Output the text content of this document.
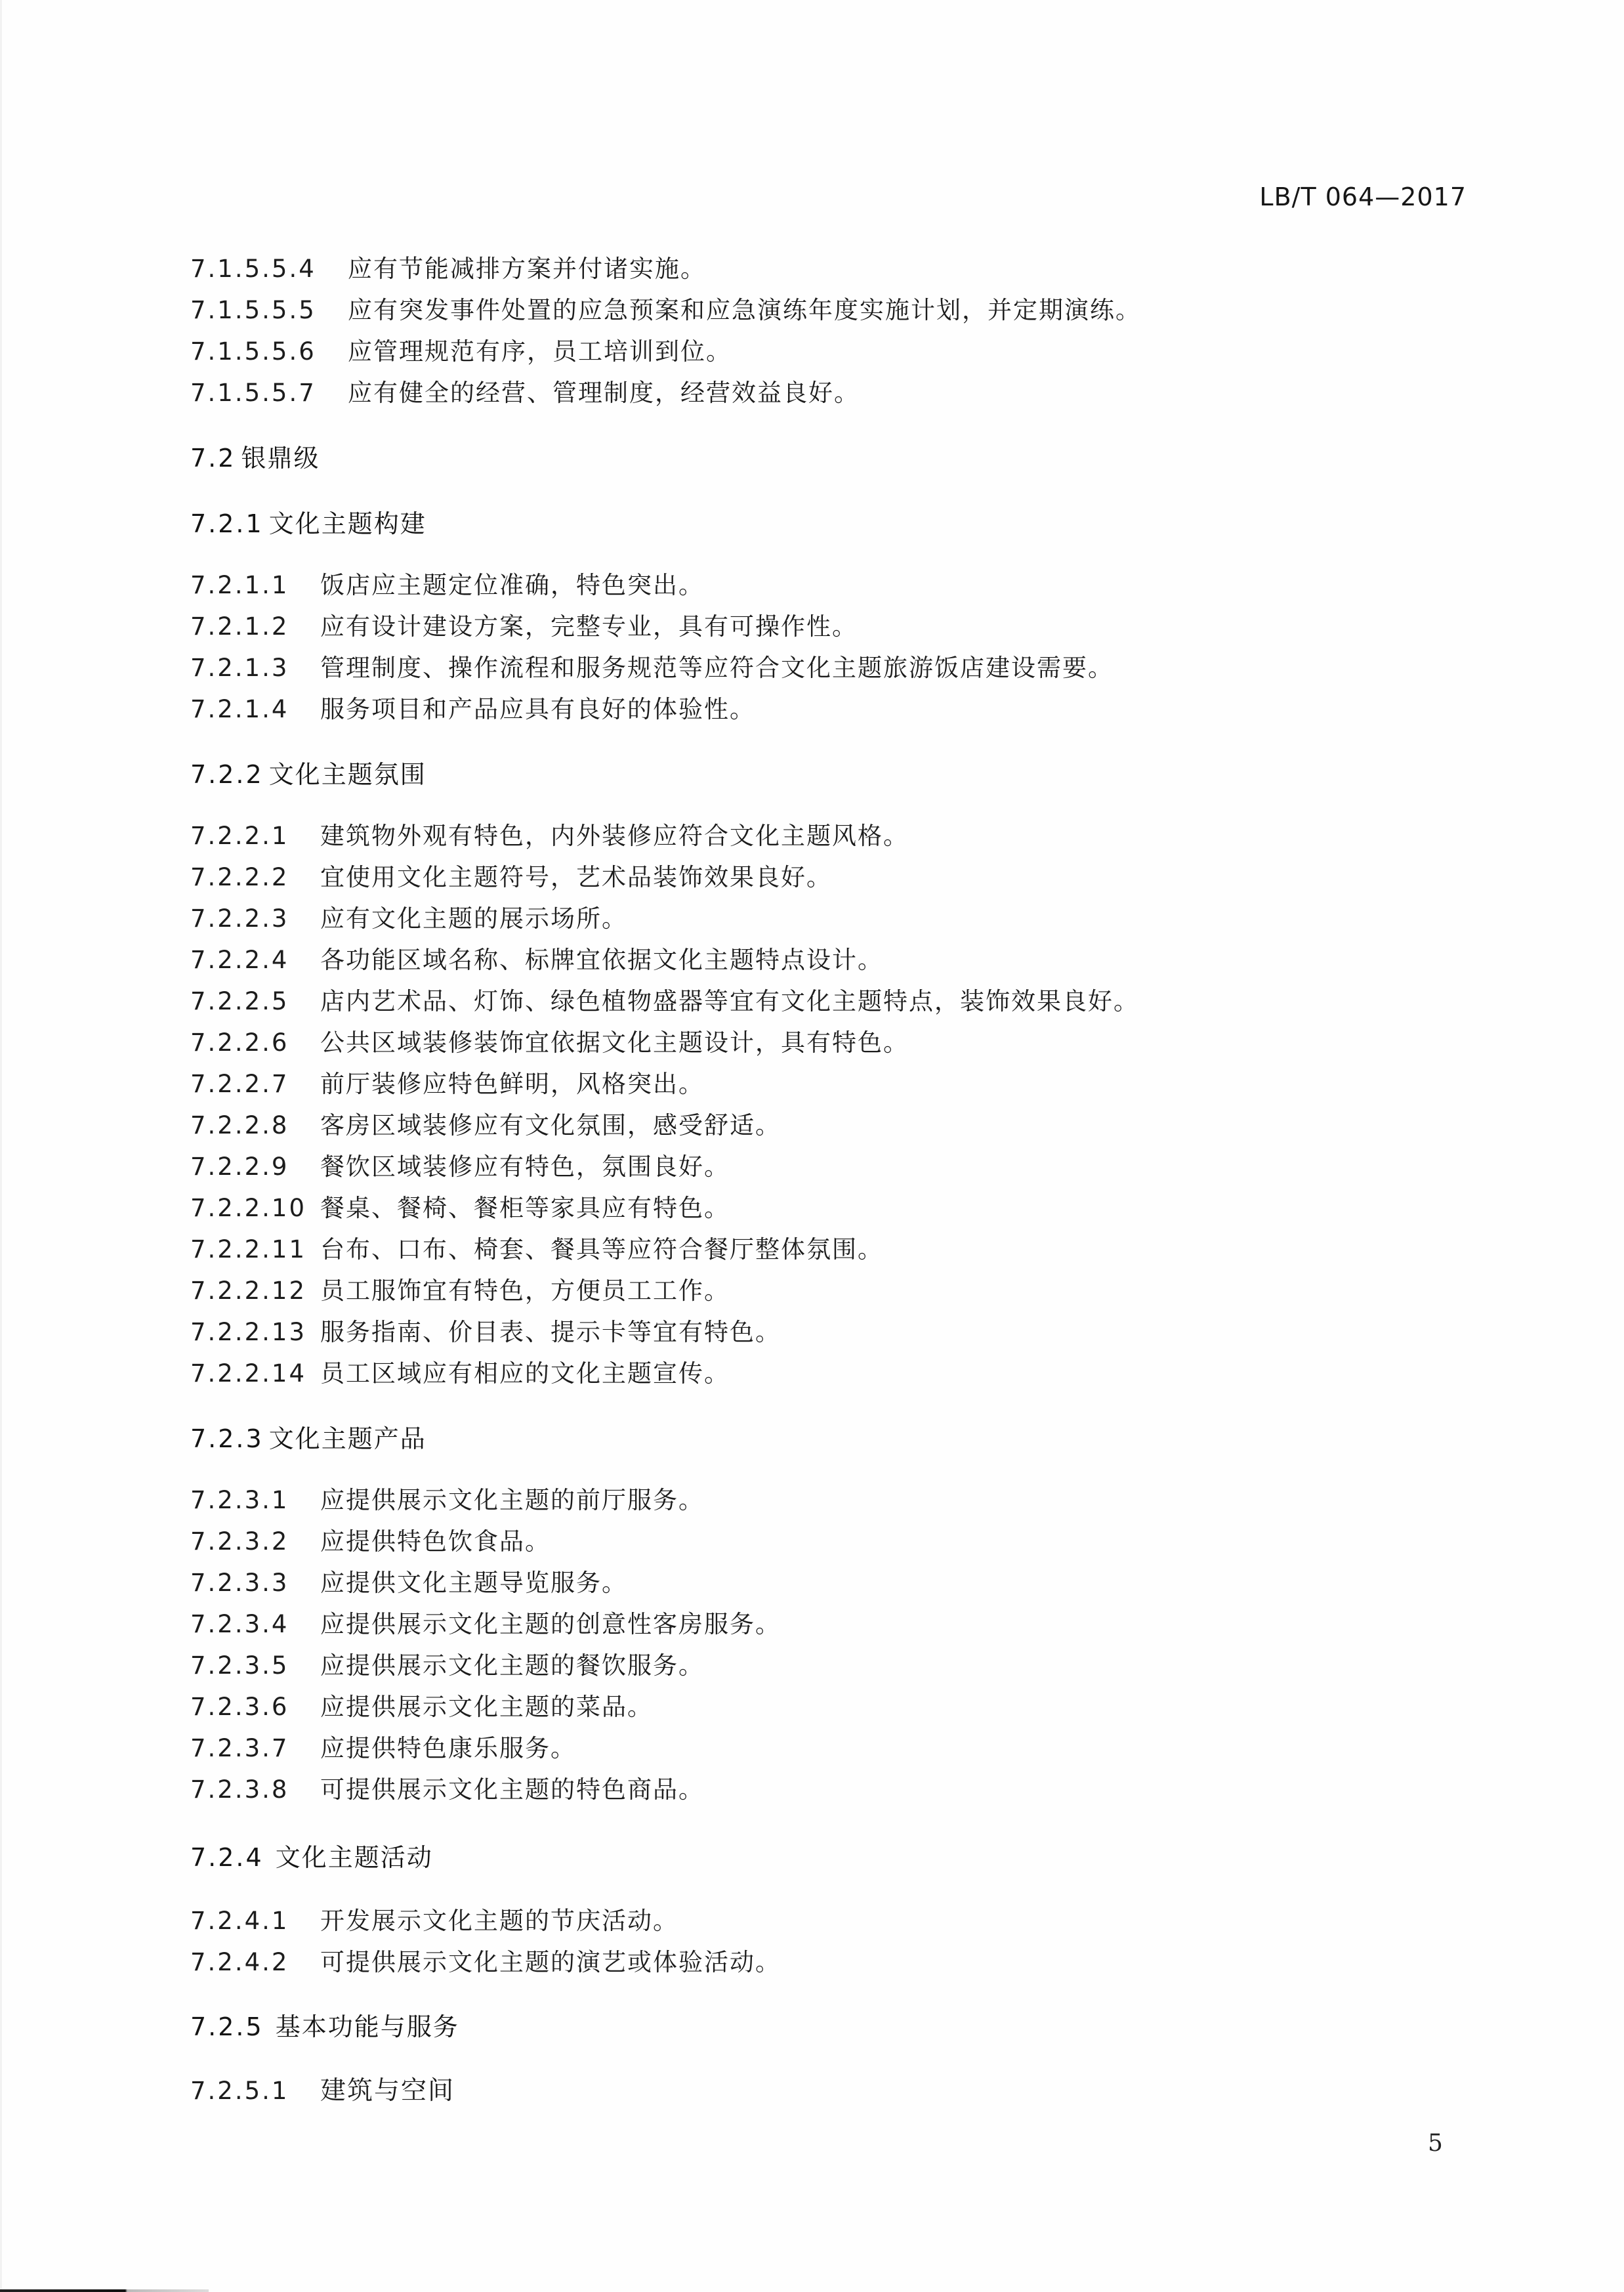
LB/T 064—2017
7.1.5.5.4 应有节能减排方案并付诸实施。
7.1.5.5.5 应有突发事件处置的应急预案和应急演练年度实施计划，并定期演练。
7.1.5.5.6 应管理规范有序，员工培训到位。
7.1.5.5.7 应有健全的经营、管理制度，经营效益良好。
7.2 银鼎级
7.2.1 文化主题构建
7.2.1.1 饭店应主题定位准确，特色突出。
7.2.1.2 应有设计建设方案，完整专业，具有可操作性。
7.2.1.3 管理制度、操作流程和服务规范等应符合文化主题旅游饭店建设需要。
7.2.1.4 服务项目和产品应具有良好的体验性。
7.2.2 文化主题氛围
7.2.2.1 建筑物外观有特色，内外装修应符合文化主题风格。
7.2.2.2 宜使用文化主题符号，艺术品装饰效果良好。
7.2.2.3 应有文化主题的展示场所。
7.2.2.4 各功能区域名称、标牌宜依据文化主题特点设计。
7.2.2.5 店内艺术品、灯饰、绿色植物盛器等宜有文化主题特点，装饰效果良好。
7.2.2.6 公共区域装修装饰宜依据文化主题设计，具有特色。
7.2.2.7 前厅装修应特色鲜明，风格突出。
7.2.2.8 客房区域装修应有文化氛围，感受舒适。
7.2.2.9 餐饮区域装修应有特色，氛围良好。
7.2.2.10 餐桌、餐椅、餐柜等家具应有特色。
7.2.2.11 台布、口布、椅套、餐具等应符合餐厅整体氛围。
7.2.2.12 员工服饰宜有特色，方便员工工作。
7.2.2.13 服务指南、价目表、提示卡等宜有特色。
7.2.2.14 员工区域应有相应的文化主题宣传。
7.2.3 文化主题产品
7.2.3.1 应提供展示文化主题的前厅服务。
7.2.3.2 应提供特色饮食品。
7.2.3.3 应提供文化主题导览服务。
7.2.3.4 应提供展示文化主题的创意性客房服务。
7.2.3.5 应提供展示文化主题的餐饮服务。
7.2.3.6 应提供展示文化主题的菜品。
7.2.3.7 应提供特色康乐服务。
7.2.3.8 可提供展示文化主题的特色商品。
7.2.4 文化主题活动
7.2.4.1 开发展示文化主题的节庆活动。
7.2.4.2 可提供展示文化主题的演艺或体验活动。
7.2.5 基本功能与服务
7.2.5.1 建筑与空间
5
